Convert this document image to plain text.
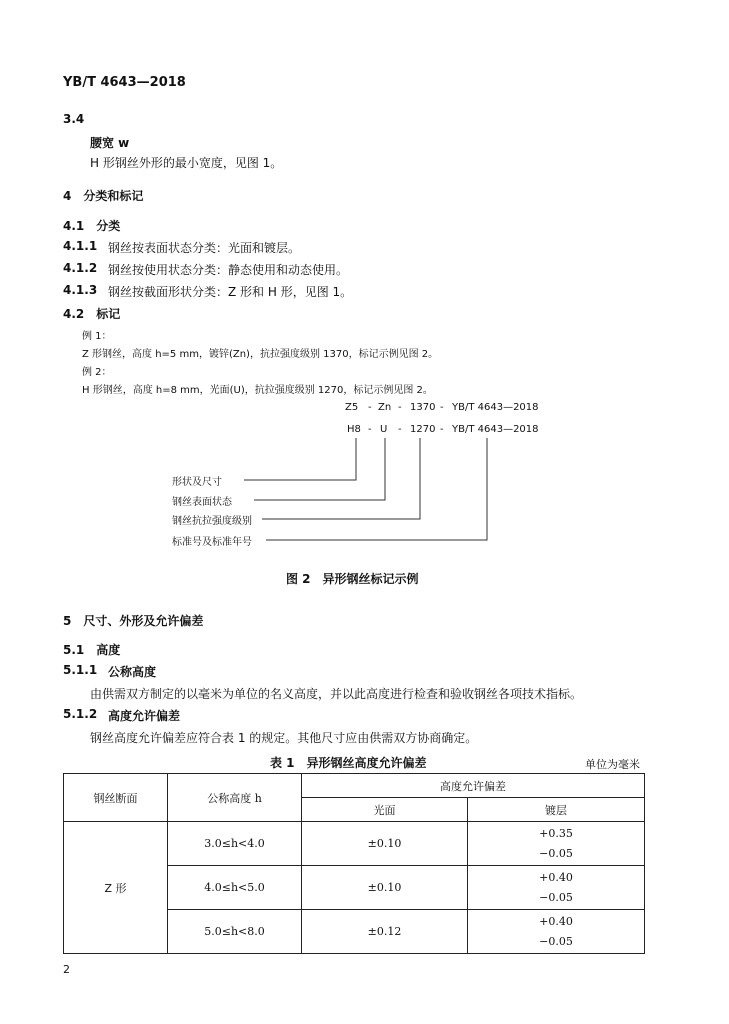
YB/T 4643—2018
3.4
腰宽 w
H 形钢丝外形的最小宽度，见图 1。
4　分类和标记
4.1　分类
4.1.1 钢丝按表面状态分类：光面和镀层。
4.1.2 钢丝按使用状态分类：静态使用和动态使用。
4.1.3 钢丝按截面形状分类：Z 形和 H 形，见图 1。
4.2　标记
例 1：
Z 形钢丝，高度 h=5 mm，镀锌(Zn)，抗拉强度级别 1370，标记示例见图 2。
例 2：
H 形钢丝，高度 h=8 mm，光面(U)，抗拉强度级别 1270，标记示例见图 2。
Z5 - Zn - 1370 - YB/T 4643—2018
H8 - U - 1270 - YB/T 4643—2018
形状及尺寸
钢丝表面状态
钢丝抗拉强度级别
标准号及标准年号
图 2　异形钢丝标记示例
5　尺寸、外形及允许偏差
5.1　高度
5.1.1 公称高度
由供需双方制定的以毫米为单位的名义高度，并以此高度进行检查和验收钢丝各项技术指标。
5.1.2 高度允许偏差
钢丝高度允许偏差应符合表 1 的规定。其他尺寸应由供需双方协商确定。
表 1　异形钢丝高度允许偏差	单位为毫米
钢丝断面	公称高度 h	高度允许偏差	
		光面	镀层
Z 形	3.0≤h<4.0	±0.10	+0.35
−0.05

	4.0≤h<5.0	±0.10	+0.40
−0.05

	5.0≤h<8.0	±0.12	+0.40
−0.05
2
